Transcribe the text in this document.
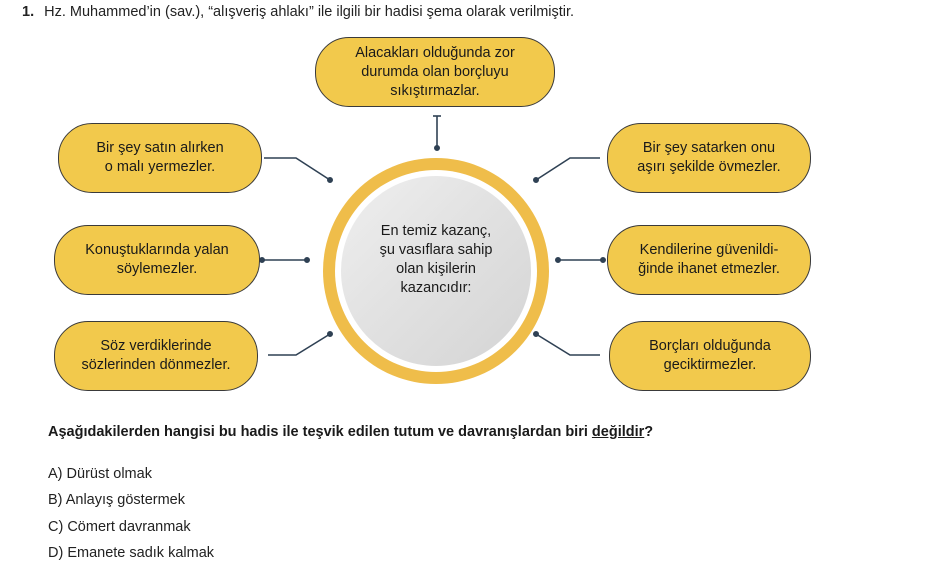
1. Hz. Muhammed’in (sav.), “alışveriş ahlakı” ile ilgili bir hadisi şema olarak verilmiştir.
En temiz kazanç,
şu vasıflara sahip
olan kişilerin
kazancıdır:
Alacakları olduğunda zor
durumda olan borçluyu
sıkıştırmazlar.
Bir şey satın alırken
o malı yermezler.
Konuştuklarında yalan
söylemezler.
Söz verdiklerinde
sözlerinden dönmezler.
Bir şey satarken onu
aşırı şekilde övmezler.
Kendilerine güvenildi-
ğinde ihanet etmezler.
Borçları olduğunda
geciktirmezler.
Aşağıdakilerden hangisi bu hadis ile teşvik edilen tutum ve davranışlardan biri değildir?
A) Dürüst olmak
B) Anlayış göstermek
C) Cömert davranmak
D) Emanete sadık kalmak
